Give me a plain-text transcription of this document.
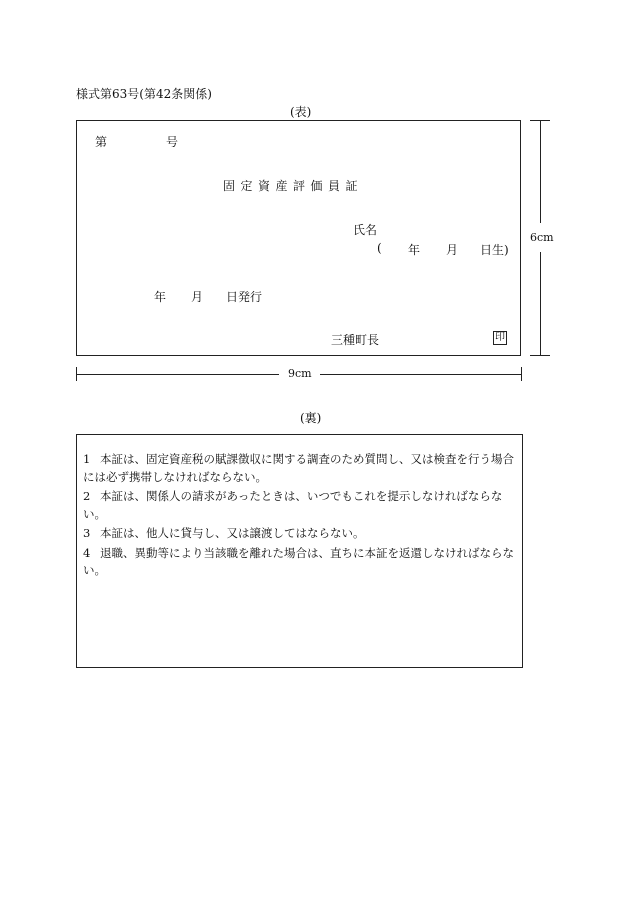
様式第63号(第42条関係)
(表)
第	号
固定資産評価員証
氏名
( 年 月 日生)
年 月 日発行
三種町長	印
9cm
6cm
(裏)
1 本証は、固定資産税の賦課徴収に関する調査のため質問し、又は検査を行う場合には必ず携帯しなければならない。
2 本証は、関係人の請求があったときは、いつでもこれを提示しなければならない。
3 本証は、他人に貸与し、又は譲渡してはならない。
4 退職、異動等により当該職を離れた場合は、直ちに本証を返還しなければならない。
